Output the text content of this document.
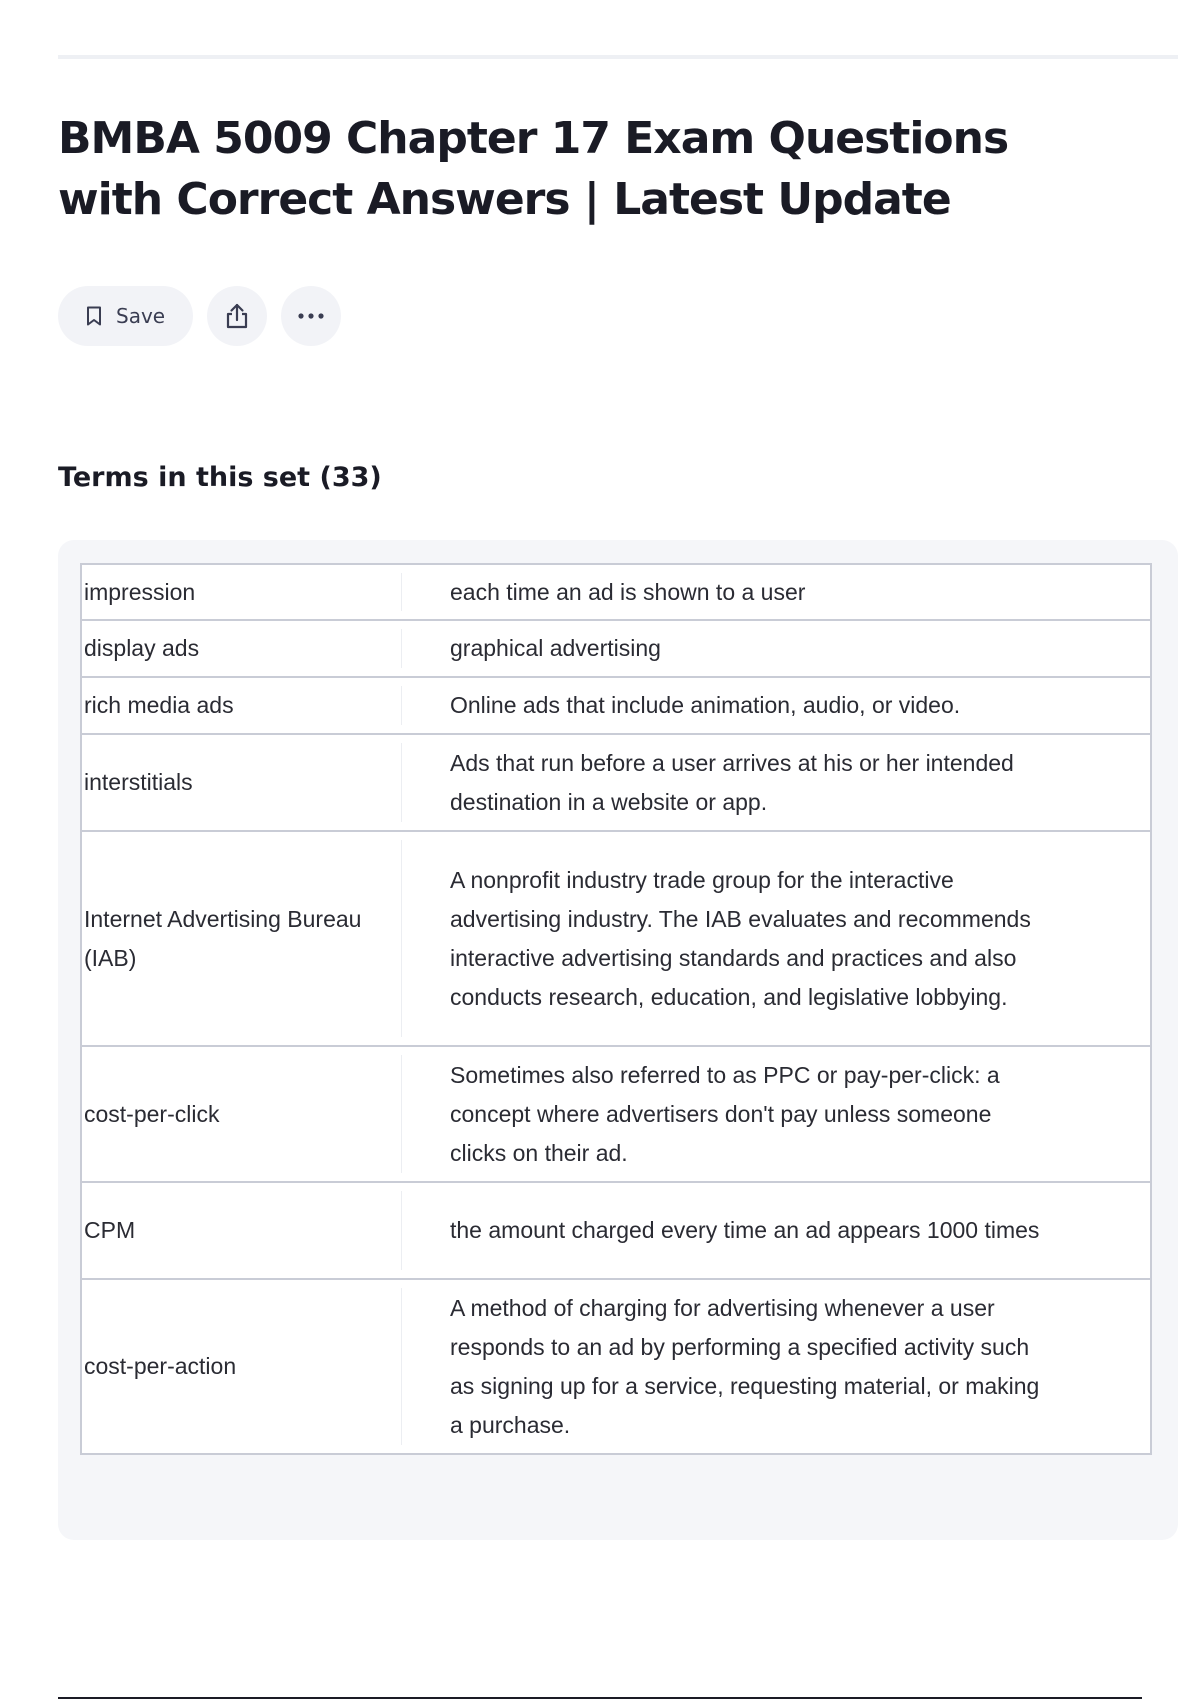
BMBA 5009 Chapter 17 Exam Questions with Correct Answers | Latest Update
Save
Terms in this set (33)
impression	each time an ad is shown to a user
display ads	graphical advertising
rich media ads	Online ads that include animation, audio, or video.
interstitials	Ads that run before a user arrives at his or her intended destination in a website or app.
Internet Advertising Bureau (IAB)	A nonprofit industry trade group for the interactive advertising industry. The IAB evaluates and recommends interactive advertising standards and practices and also conducts research, education, and legislative lobbying.
cost-per-click	Sometimes also referred to as PPC or pay-per-click: a concept where advertisers don't pay unless someone clicks on their ad.
CPM	the amount charged every time an ad appears 1000 times
cost-per-action	A method of charging for advertising whenever a user responds to an ad by performing a specified activity such as signing up for a service, requesting material, or making a purchase.
